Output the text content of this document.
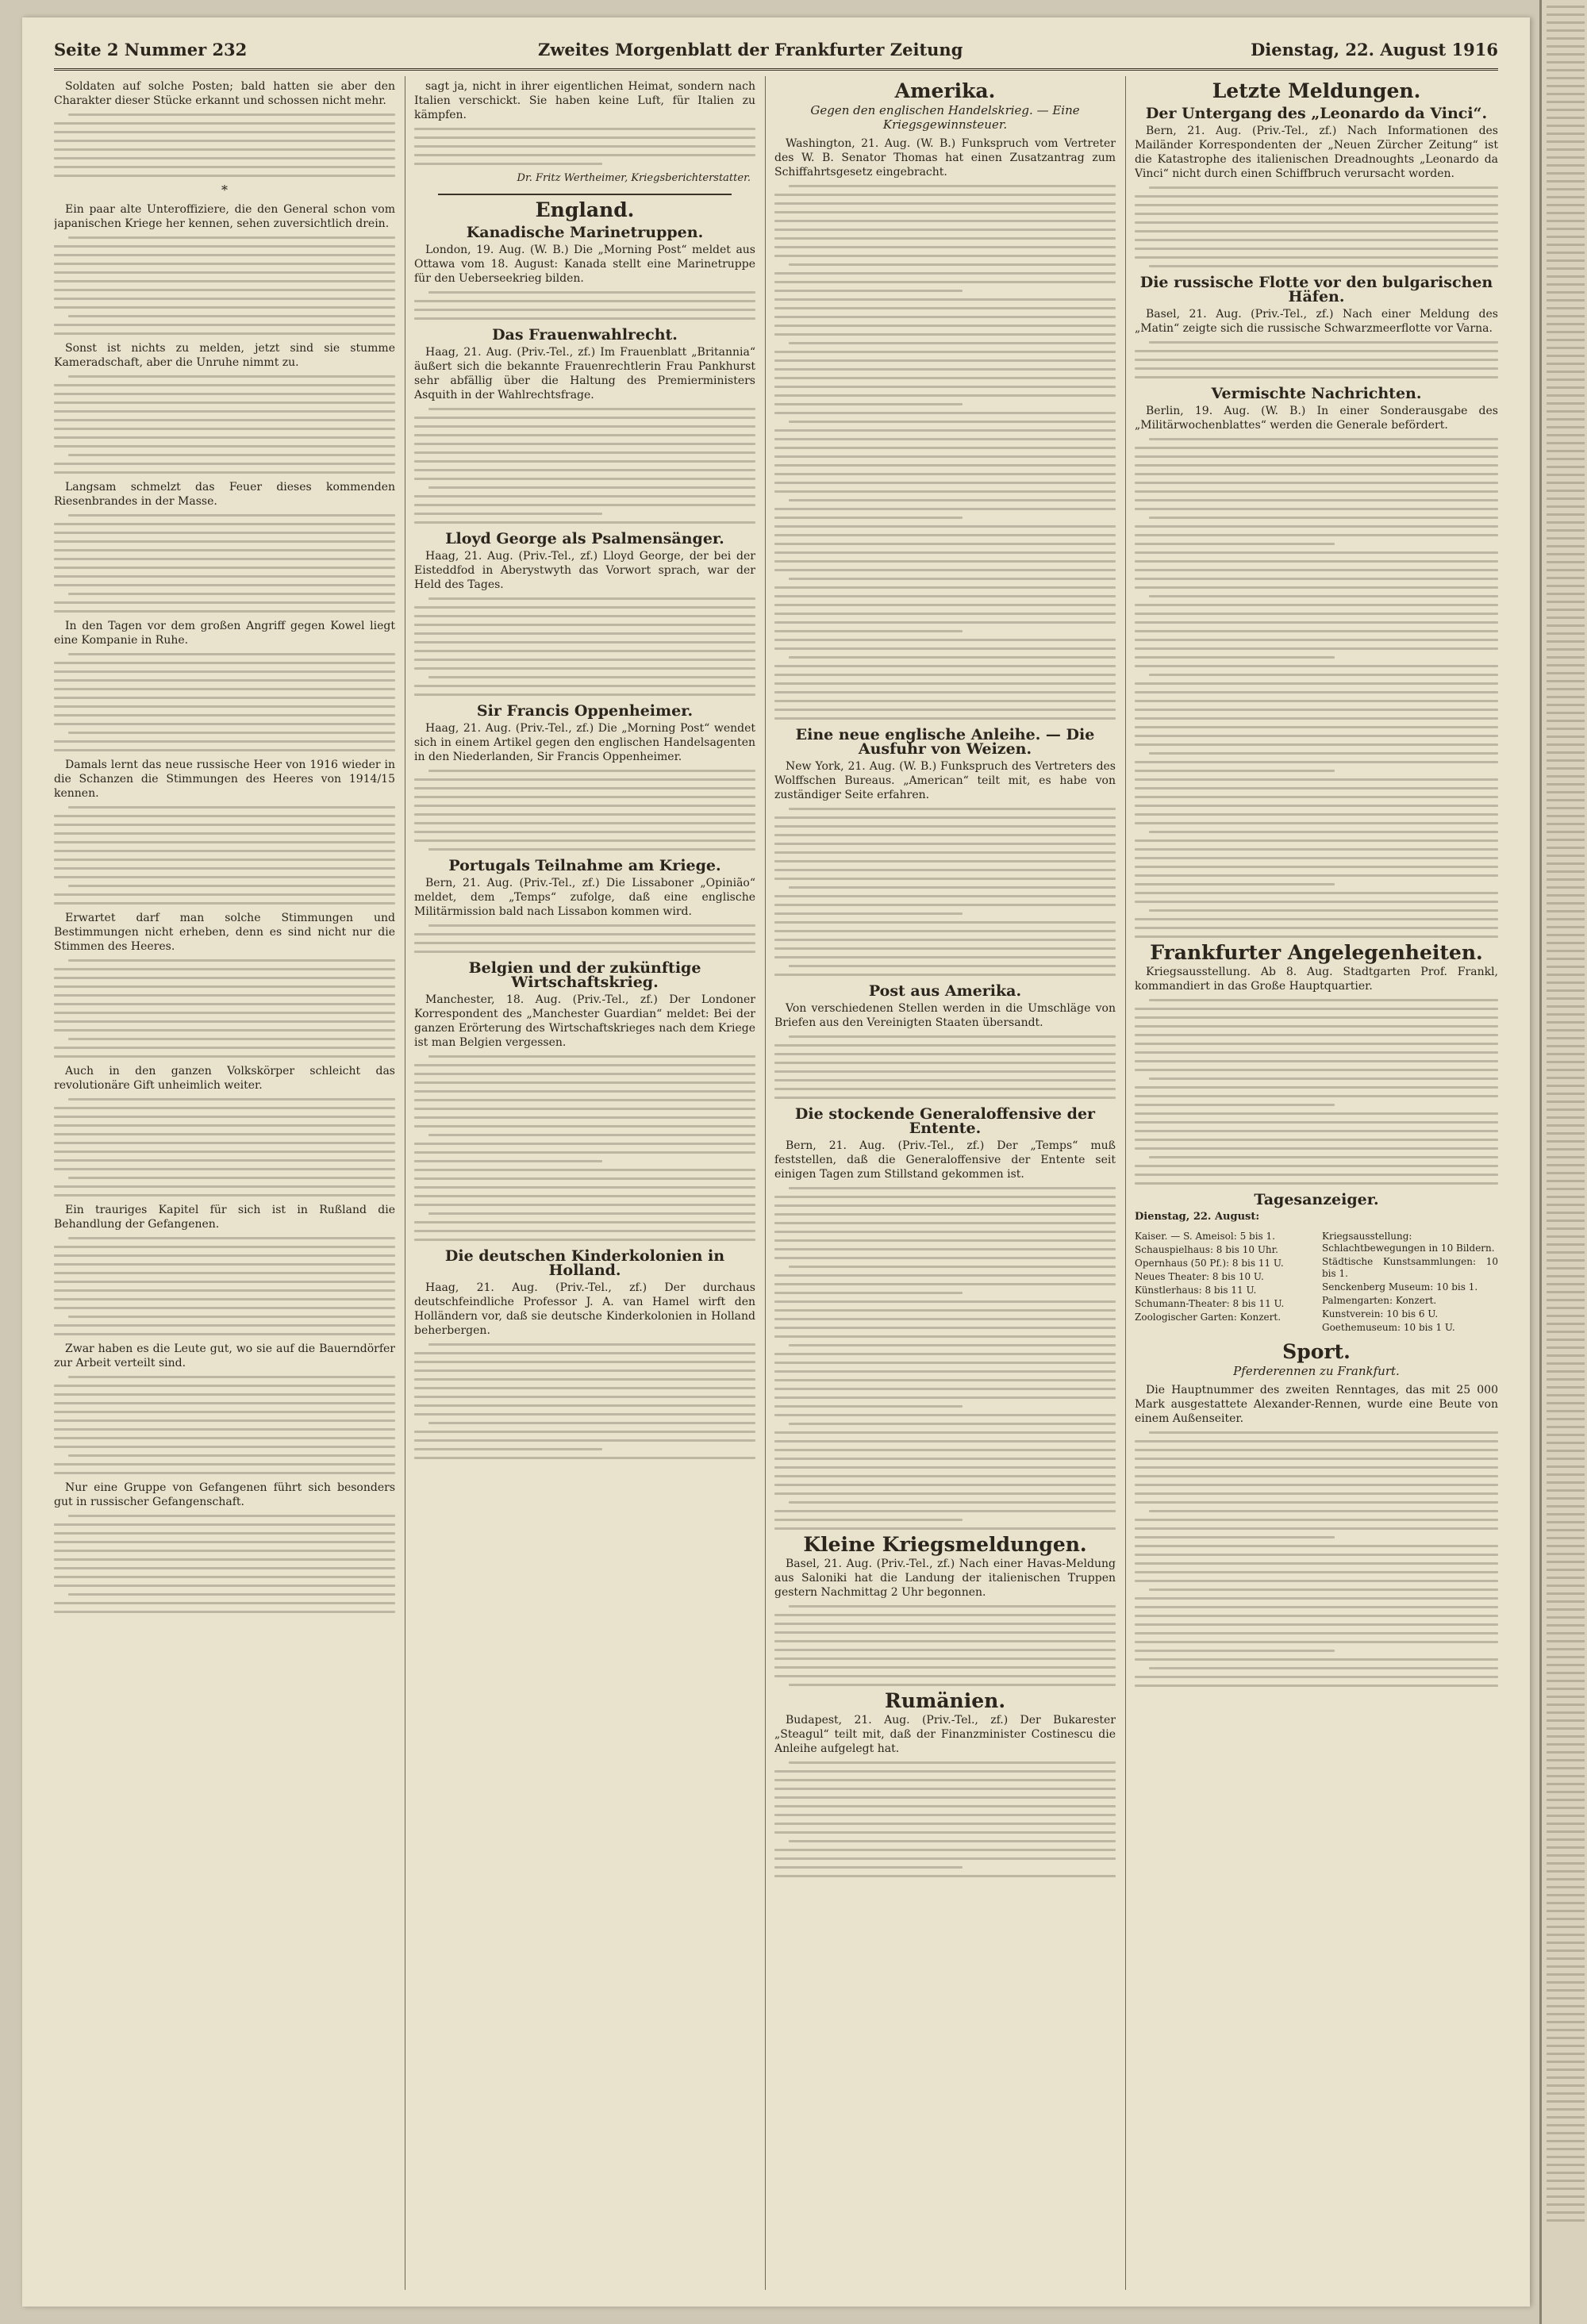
Seite 2 Nummer 232	Zweites Morgenblatt der Frankfurter Zeitung	Dienstag, 22. August 1916
Soldaten auf solche Posten; bald hatten sie aber den Charakter dieser Stücke erkannt und schossen nicht mehr.
*
Ein paar alte Unteroffiziere, die den General schon vom japanischen Kriege her kennen, sehen zuversichtlich drein.
Sonst ist nichts zu melden, jetzt sind sie stumme Kameradschaft, aber die Unruhe nimmt zu.
Langsam schmelzt das Feuer dieses kommenden Riesenbrandes in der Masse.
In den Tagen vor dem großen Angriff gegen Kowel liegt eine Kompanie in Ruhe.
Damals lernt das neue russische Heer von 1916 wieder in die Schanzen die Stimmungen des Heeres von 1914/15 kennen.
Erwartet darf man solche Stimmungen und Bestimmungen nicht erheben, denn es sind nicht nur die Stimmen des Heeres.
Auch in den ganzen Volkskörper schleicht das revolutionäre Gift unheimlich weiter.
Ein trauriges Kapitel für sich ist in Rußland die Behandlung der Gefangenen.
Zwar haben es die Leute gut, wo sie auf die Bauerndörfer zur Arbeit verteilt sind.
Nur eine Gruppe von Gefangenen führt sich besonders gut in russischer Gefangenschaft.
sagt ja, nicht in ihrer eigentlichen Heimat, sondern nach Italien verschickt. Sie haben keine Luft, für Italien zu kämpfen.
Dr. Fritz Wertheimer, Kriegsberichterstatter.
England.
Kanadische Marinetruppen.
London, 19. Aug. (W. B.) Die „Morning Post“ meldet aus Ottawa vom 18. August: Kanada stellt eine Marinetruppe für den Ueberseekrieg bilden.
Das Frauenwahlrecht.
Haag, 21. Aug. (Priv.-Tel., zf.) Im Frauenblatt „Britannia“ äußert sich die bekannte Frauenrechtlerin Frau Pankhurst sehr abfällig über die Haltung des Premierministers Asquith in der Wahlrechtsfrage.
Lloyd George als Psalmensänger.
Haag, 21. Aug. (Priv.-Tel., zf.) Lloyd George, der bei der Eisteddfod in Aberystwyth das Vorwort sprach, war der Held des Tages.
Sir Francis Oppenheimer.
Haag, 21. Aug. (Priv.-Tel., zf.) Die „Morning Post“ wendet sich in einem Artikel gegen den englischen Handelsagenten in den Niederlanden, Sir Francis Oppenheimer.
Portugals Teilnahme am Kriege.
Bern, 21. Aug. (Priv.-Tel., zf.) Die Lissaboner „Opinião“ meldet, dem „Temps“ zufolge, daß eine englische Militärmission bald nach Lissabon kommen wird.
Belgien und der zukünftige Wirtschaftskrieg.
Manchester, 18. Aug. (Priv.-Tel., zf.) Der Londoner Korrespondent des „Manchester Guardian“ meldet: Bei der ganzen Erörterung des Wirtschaftskrieges nach dem Kriege ist man Belgien vergessen.
Die deutschen Kinderkolonien in Holland.
Haag, 21. Aug. (Priv.-Tel., zf.) Der durchaus deutschfeindliche Professor J. A. van Hamel wirft den Holländern vor, daß sie deutsche Kinderkolonien in Holland beherbergen.
Amerika.
Gegen den englischen Handelskrieg. — Eine Kriegsgewinnsteuer.
Washington, 21. Aug. (W. B.) Funkspruch vom Vertreter des W. B. Senator Thomas hat einen Zusatzantrag zum Schiffahrtsgesetz eingebracht.
Eine neue englische Anleihe. — Die Ausfuhr von Weizen.
New York, 21. Aug. (W. B.) Funkspruch des Vertreters des Wolffschen Bureaus. „American“ teilt mit, es habe von zuständiger Seite erfahren.
Post aus Amerika.
Von verschiedenen Stellen werden in die Umschläge von Briefen aus den Vereinigten Staaten übersandt.
Die stockende Generaloffensive der Entente.
Bern, 21. Aug. (Priv.-Tel., zf.) Der „Temps“ muß feststellen, daß die Generaloffensive der Entente seit einigen Tagen zum Stillstand gekommen ist.
Kleine Kriegsmeldungen.
Basel, 21. Aug. (Priv.-Tel., zf.) Nach einer Havas-Meldung aus Saloniki hat die Landung der italienischen Truppen gestern Nachmittag 2 Uhr begonnen.
Rumänien.
Budapest, 21. Aug. (Priv.-Tel., zf.) Der Bukarester „Steagul“ teilt mit, daß der Finanzminister Costinescu die Anleihe aufgelegt hat.
Letzte Meldungen.
Der Untergang des „Leonardo da Vinci“.
Bern, 21. Aug. (Priv.-Tel., zf.) Nach Informationen des Mailänder Korrespondenten der „Neuen Zürcher Zeitung“ ist die Katastrophe des italienischen Dreadnoughts „Leonardo da Vinci“ nicht durch einen Schiffbruch verursacht worden.
Die russische Flotte vor den bulgarischen Häfen.
Basel, 21. Aug. (Priv.-Tel., zf.) Nach einer Meldung des „Matin“ zeigte sich die russische Schwarzmeerflotte vor Varna.
Vermischte Nachrichten.
Berlin, 19. Aug. (W. B.) In einer Sonderausgabe des „Militärwochenblattes“ werden die Generale befördert.
Frankfurter Angelegenheiten.
Kriegsausstellung. Ab 8. Aug. Stadtgarten Prof. Frankl, kommandiert in das Große Hauptquartier.
Tagesanzeiger.
Dienstag, 22. August:
Kaiser. — S. Ameisol: 5 bis 1.
Schauspielhaus: 8 bis 10 Uhr.
Opernhaus (50 Pf.): 8 bis 11 U.
Neues Theater: 8 bis 10 U.
Künstlerhaus: 8 bis 11 U.
Schumann-Theater: 8 bis 11 U.
Zoologischer Garten: Konzert.
Kriegsausstellung: Schlachtbewegungen in 10 Bildern.
Städtische Kunstsammlungen: 10 bis 1.
Senckenberg Museum: 10 bis 1.
Palmengarten: Konzert.
Kunstverein: 10 bis 6 U.
Goethemuseum: 10 bis 1 U.
Sport.
Pferderennen zu Frankfurt.
Die Hauptnummer des zweiten Renntages, das mit 25 000 Mark ausgestattete Alexander-Rennen, wurde eine Beute von einem Außenseiter.
